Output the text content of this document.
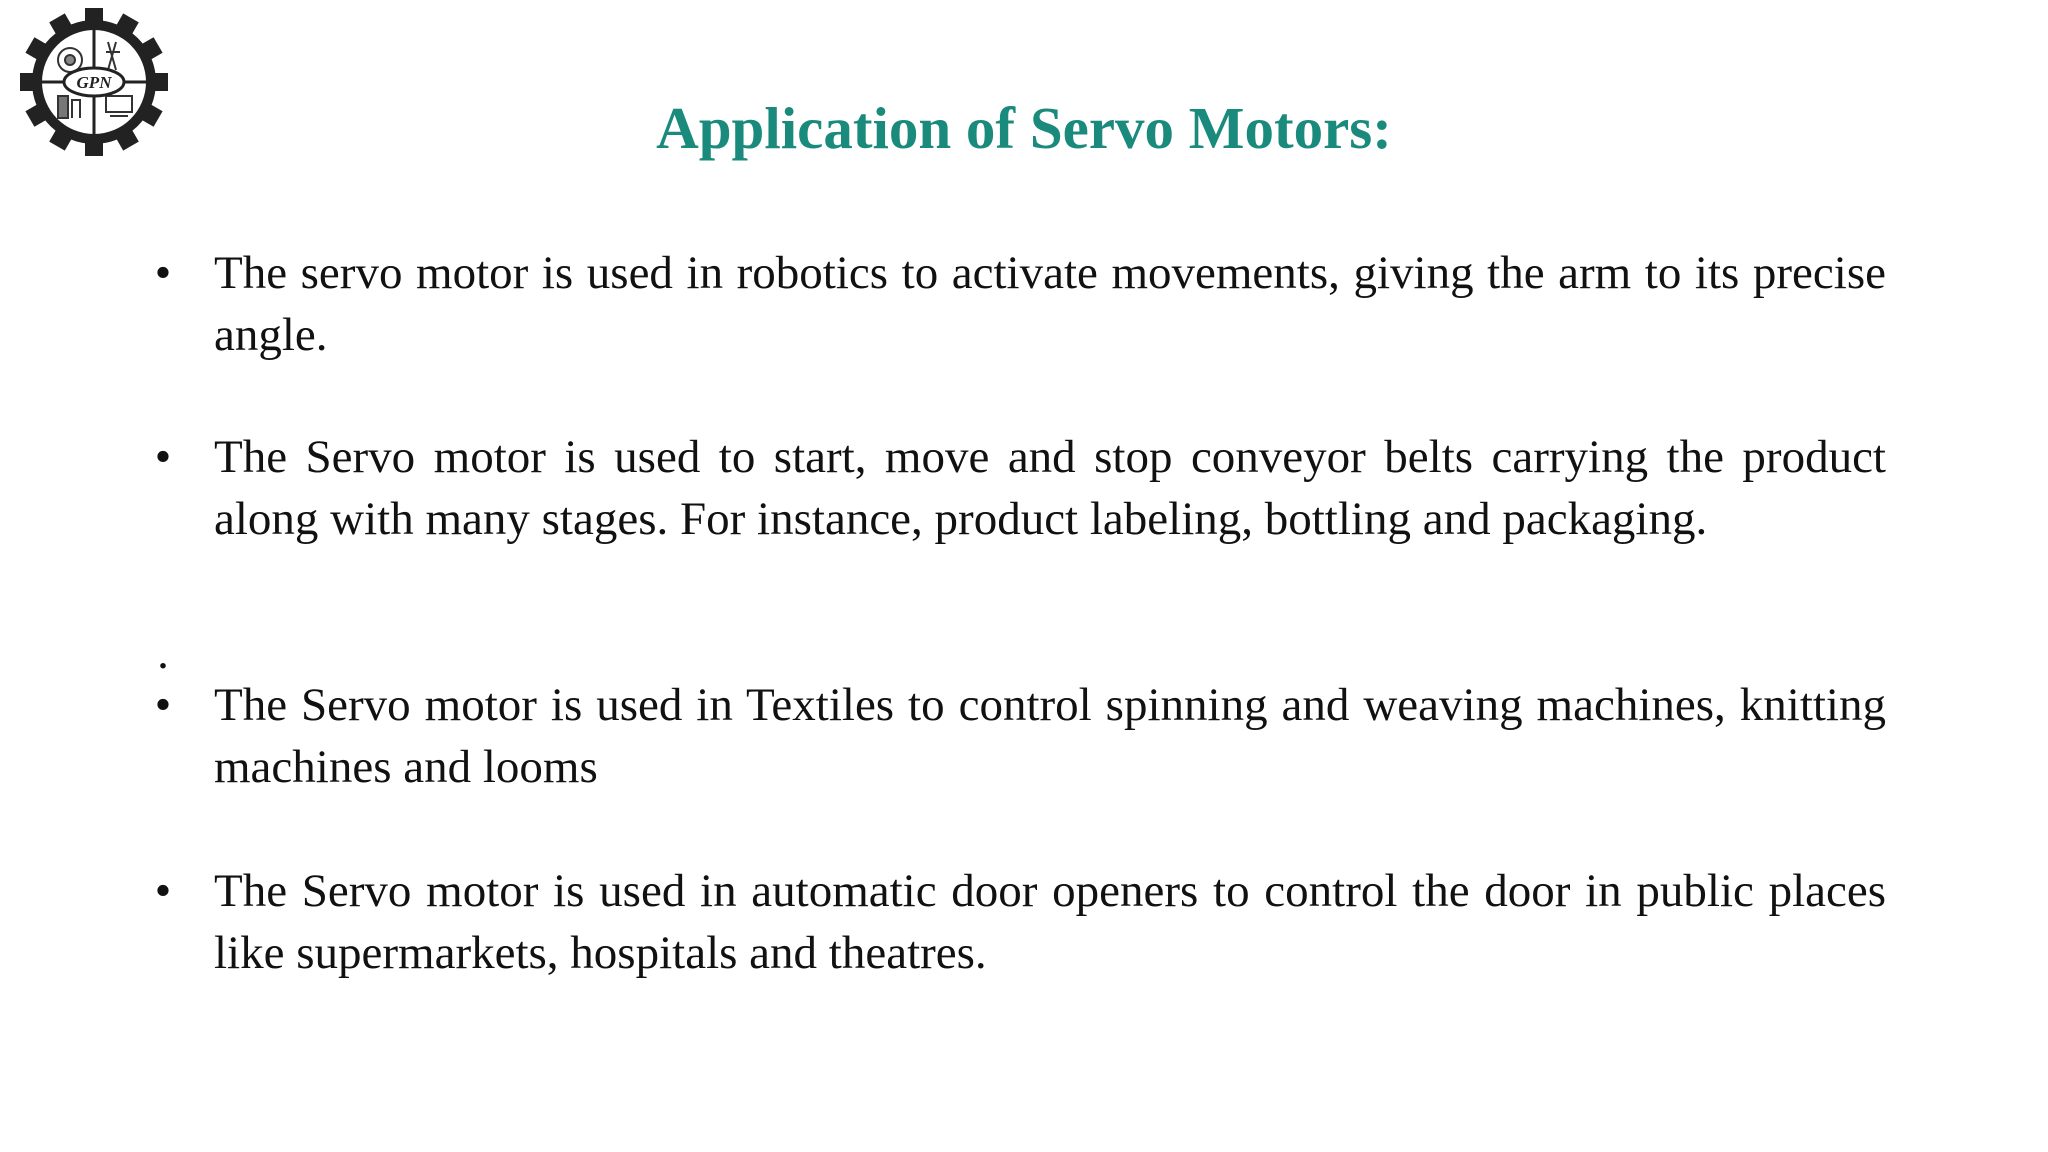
GPN
Application of Servo Motors:
• The servo motor is used in robotics to activate movements, giving the arm to its precise angle.
• The Servo motor is used to start, move and stop conveyor belts carrying the product along with many stages. For instance, product labeling, bottling and packaging.
.
• The Servo motor is used in Textiles to control spinning and weaving machines, knitting machines and looms
• The Servo motor is used in automatic door openers to control the door in public places like supermarkets, hospitals and theatres.
